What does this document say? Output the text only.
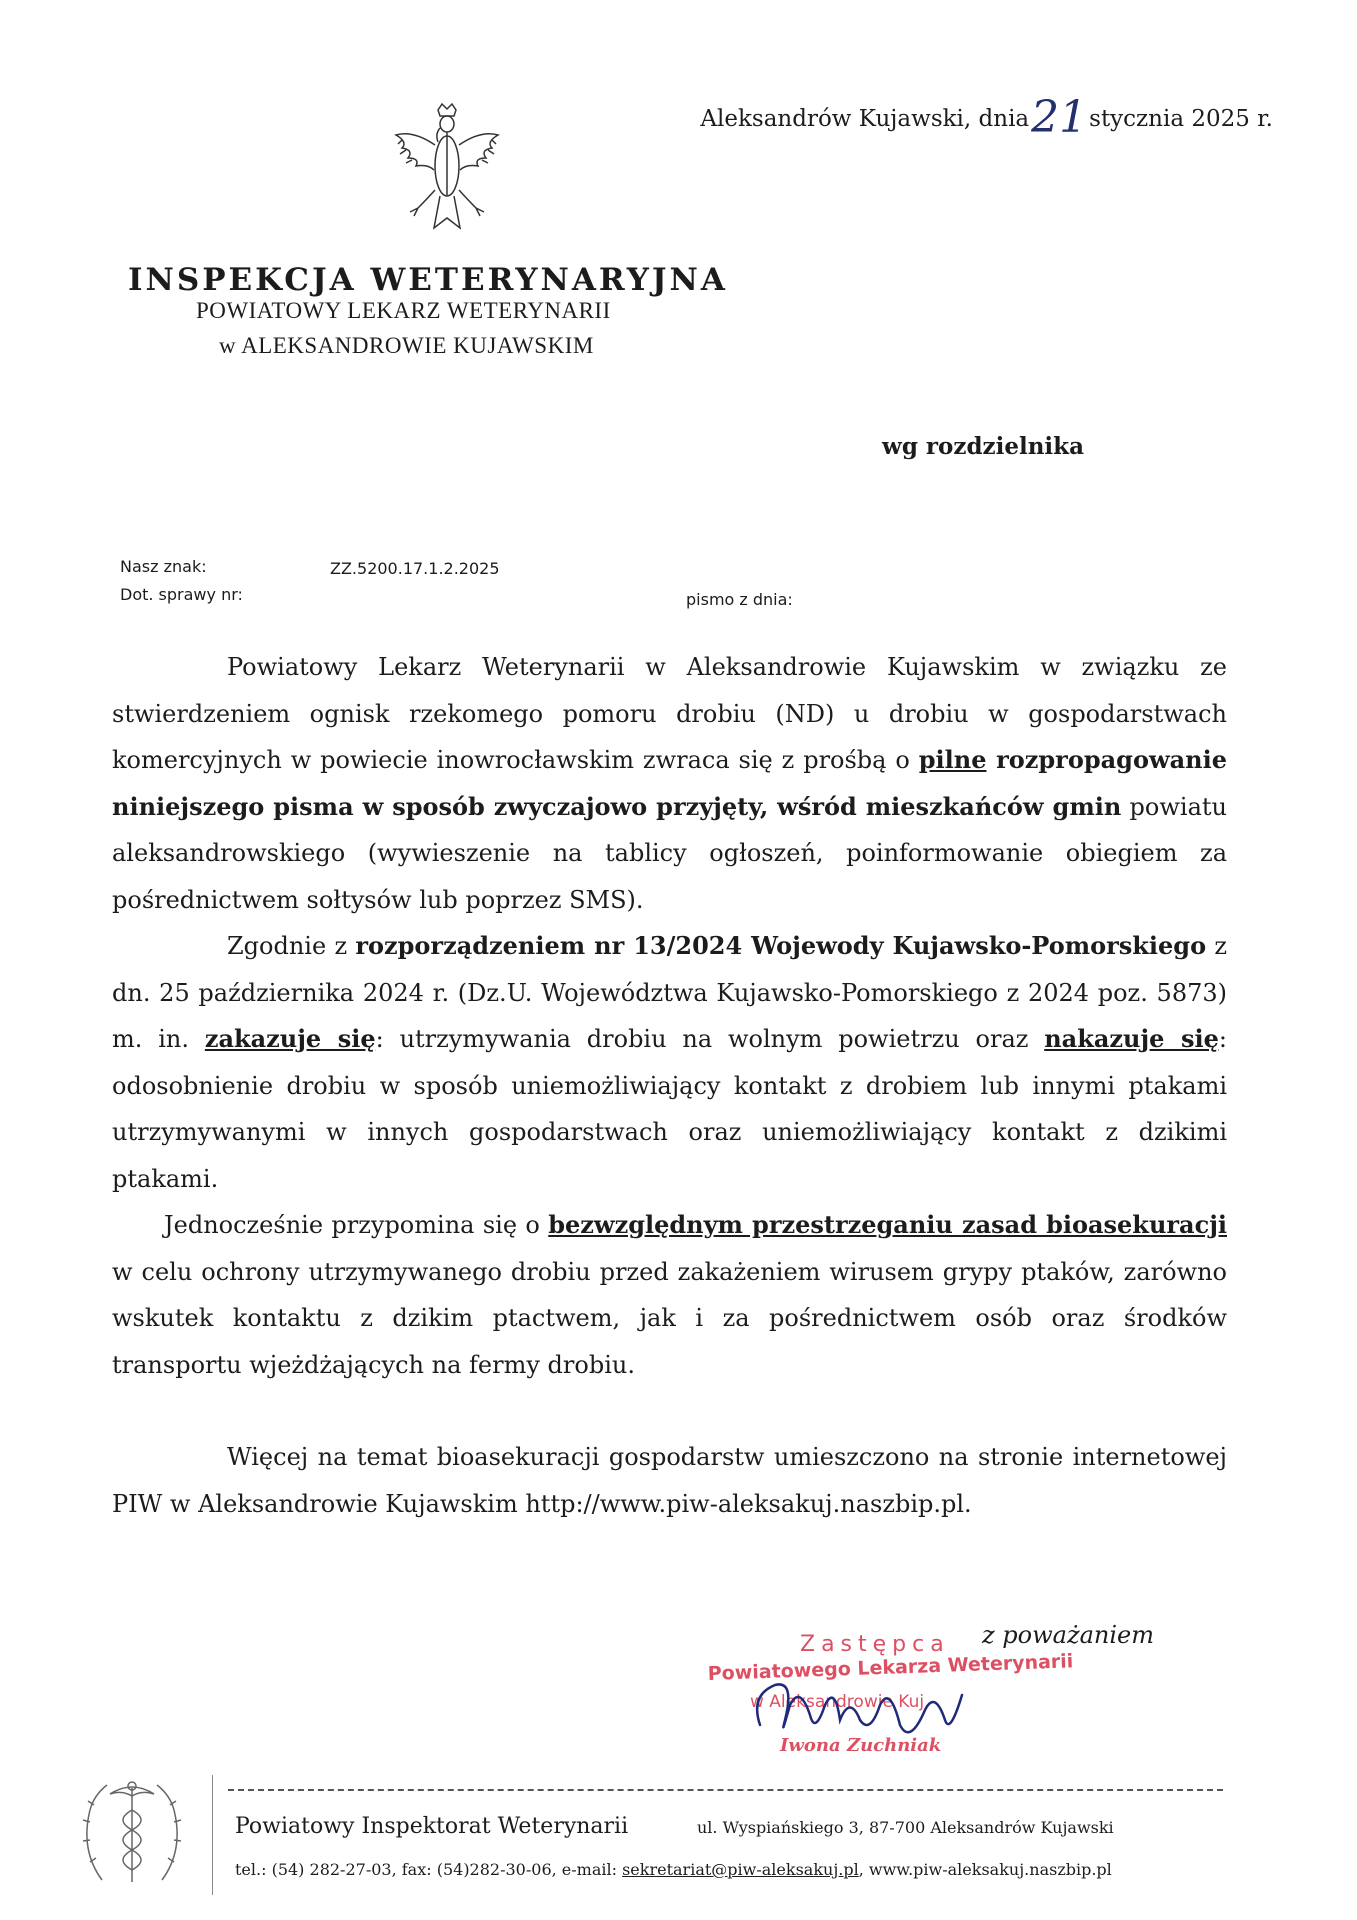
Aleksandrów Kujawski, dnia21stycznia 2025 r.
INSPEKCJA WETERYNARYJNA
POWIATOWY LEKARZ WETERYNARII
w ALEKSANDROWIE KUJAWSKIM
wg rozdzielnika
Nasz znak:	ZZ.5200.17.1.2.2025
Dot. sprawy nr:	pismo z dnia:

Powiatowy Lekarz Weterynarii w Aleksandrowie Kujawskim w związku ze stwierdzeniem ognisk rzekomego pomoru drobiu (ND) u drobiu w gospodarstwach komercyjnych w powiecie inowrocławskim zwraca się z prośbą o pilne rozpropagowanie niniejszego pisma w sposób zwyczajowo przyjęty, wśród mieszkańców gmin powiatu aleksandrowskiego (wywieszenie na tablicy ogłoszeń, poinformowanie obiegiem za pośrednictwem sołtysów lub poprzez SMS).

Zgodnie z rozporządzeniem nr 13/2024 Wojewody Kujawsko-Pomorskiego z dn. 25 października 2024 r. (Dz.U. Województwa Kujawsko-Pomorskiego z 2024 poz. 5873) m. in. zakazuje się: utrzymywania drobiu na wolnym powietrzu oraz nakazuje się: odosobnienie drobiu w sposób uniemożliwiający kontakt z drobiem lub innymi ptakami utrzymywanymi w innych gospodarstwach oraz uniemożliwiający kontakt z dzikimi ptakami.

Jednocześnie przypomina się o bezwzględnym przestrzeganiu zasad bioasekuracji w celu ochrony utrzymywanego drobiu przed zakażeniem wirusem grypy ptaków, zarówno wskutek kontaktu z dzikim ptactwem, jak i za pośrednictwem osób oraz środków transportu wjeżdżających na fermy drobiu.

Więcej na temat bioasekuracji gospodarstw umieszczono na stronie internetowej PIW w Aleksandrowie Kujawskim http://www.piw-aleksakuj.naszbip.pl.

Zastępca
Powiatowego Lekarza Weterynarii
w Aleksandrowie Kuj.
Iwona Zuchniak
z poważaniem
Powiatowy Inspektorat Weterynarii	ul. Wyspiańskiego 3, 87-700 Aleksandrów Kujawski
tel.: (54) 282-27-03, fax: (54)282-30-06, e-mail: sekretariat@piw-aleksakuj.pl, www.piw-aleksakuj.naszbip.pl
